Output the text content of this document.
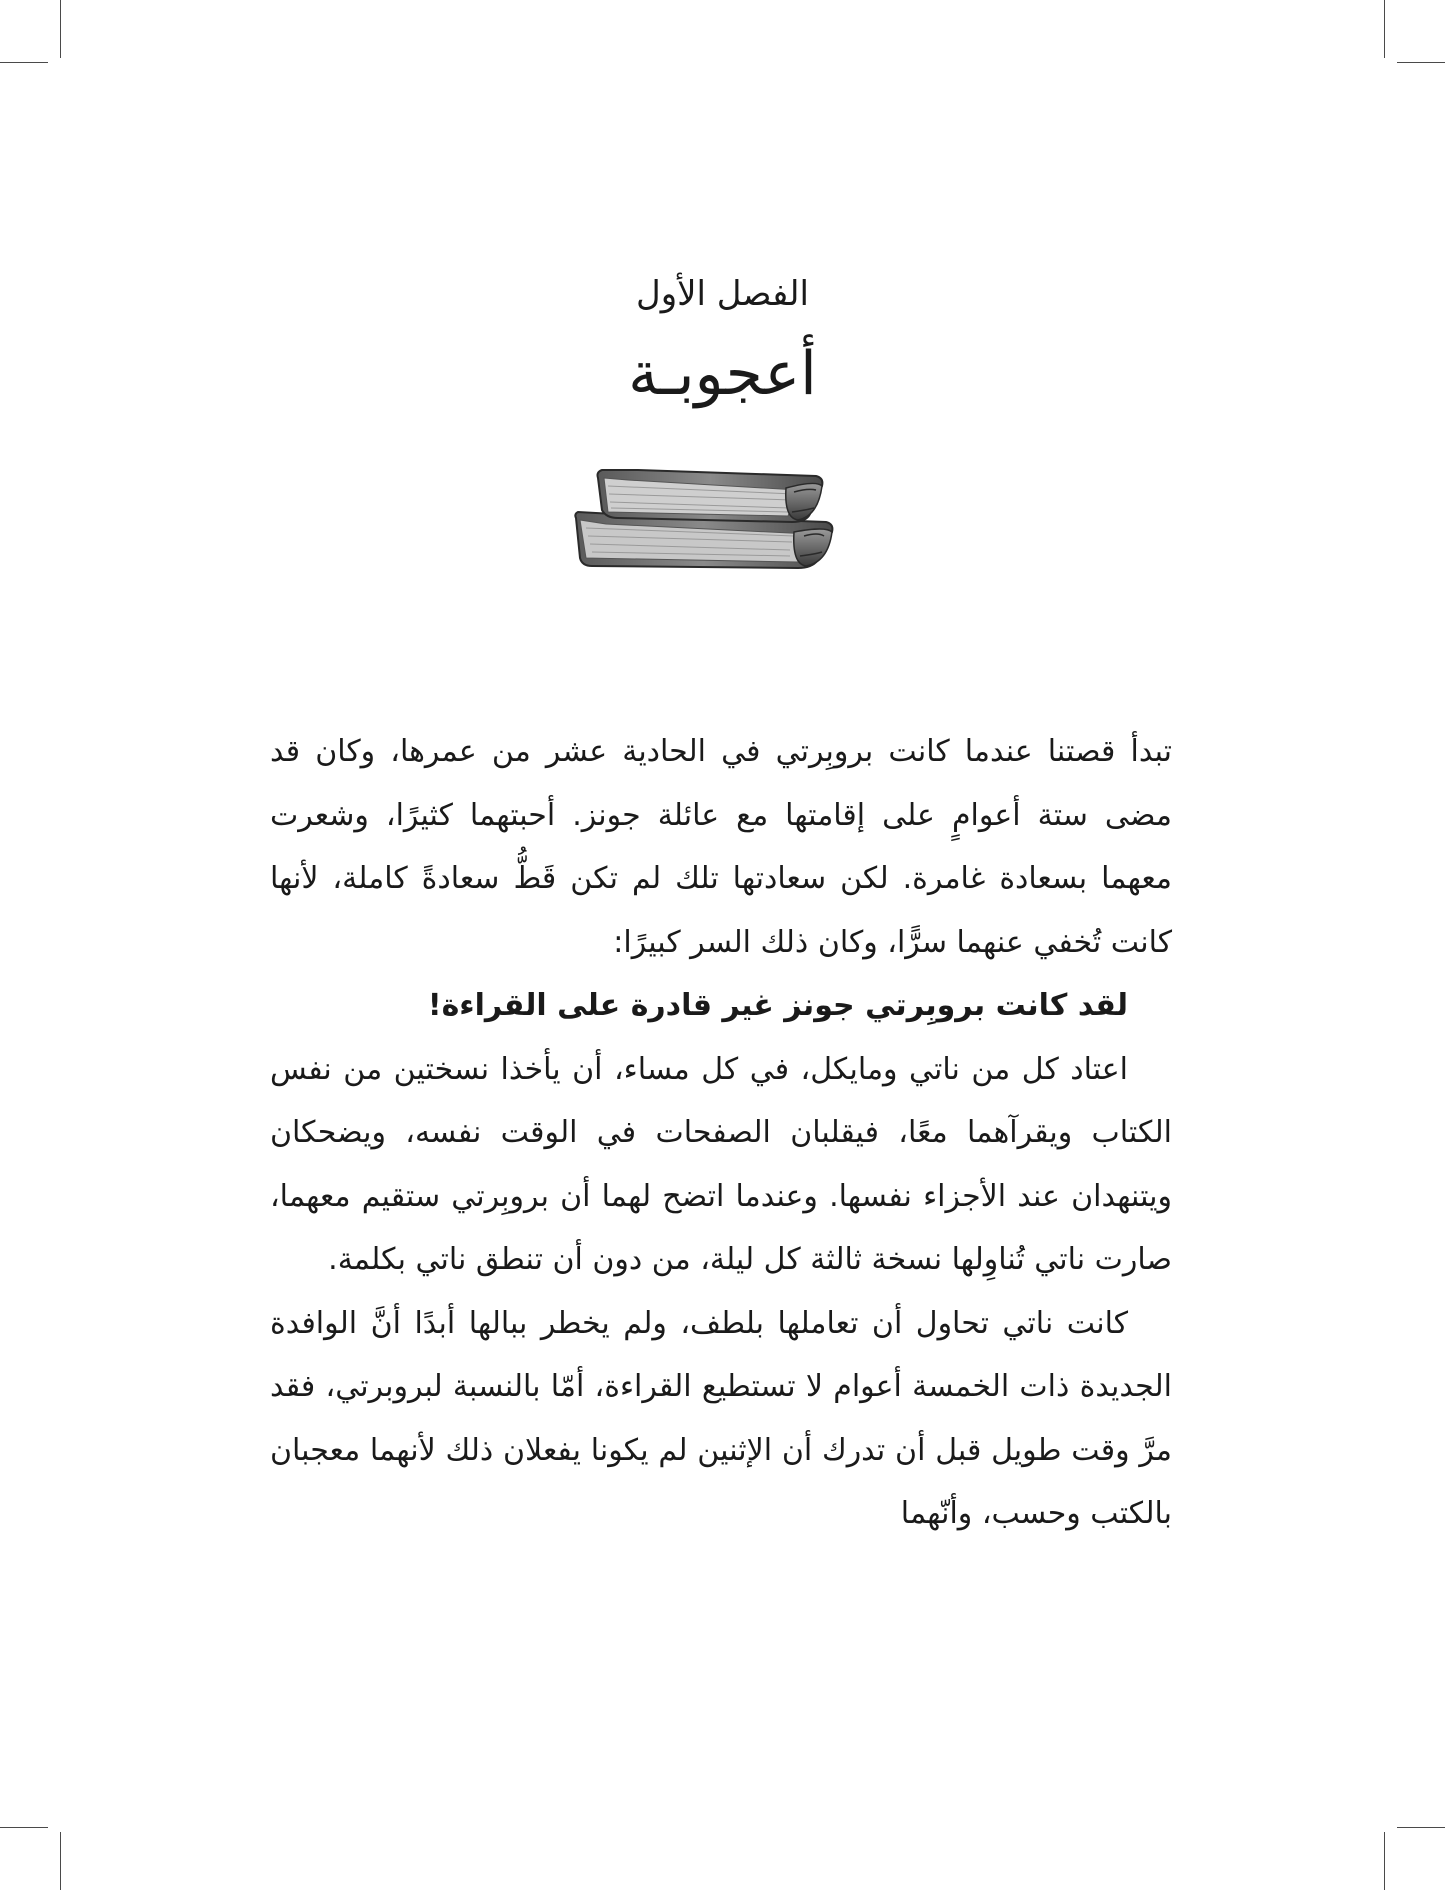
الفصل الأول
أعجوبـة

تبدأ قصتنا عندما كانت بروبِرتي في الحادية عشر من عمرها، وكان قد مضى ستة أعوامٍ على إقامتها مع عائلة جونز. أحبتهما كثيرًا، وشعرت معهما بسعادة غامرة. لكن سعادتها تلك لم تكن قَطُّ سعادةً كاملة، لأنها كانت تُخفي عنهما سرًّا، وكان ذلك السر كبيرًا:

لقد كانت بروبِرتي جونز غير قادرة على القراءة!

اعتاد كل من ناتي ومايكل، في كل مساء، أن يأخذا نسختين من نفس الكتاب ويقرآهما معًا، فيقلبان الصفحات في الوقت نفسه، ويضحكان ويتنهدان عند الأجزاء نفسها. وعندما اتضح لهما أن بروبِرتي ستقيم معهما، صارت ناتي تُناوِلها نسخة ثالثة كل ليلة، من دون أن تنطق ناتي بكلمة.

كانت ناتي تحاول أن تعاملها بلطف، ولم يخطر ببالها أبدًا أنَّ الوافدة الجديدة ذات الخمسة أعوام لا تستطيع القراءة، أمّا بالنسبة لبروبرتي، فقد مرَّ وقت طويل قبل أن تدرك أن الإثنين لم يكونا يفعلان ذلك لأنهما معجبان بالكتب وحسب، وأنّهما
